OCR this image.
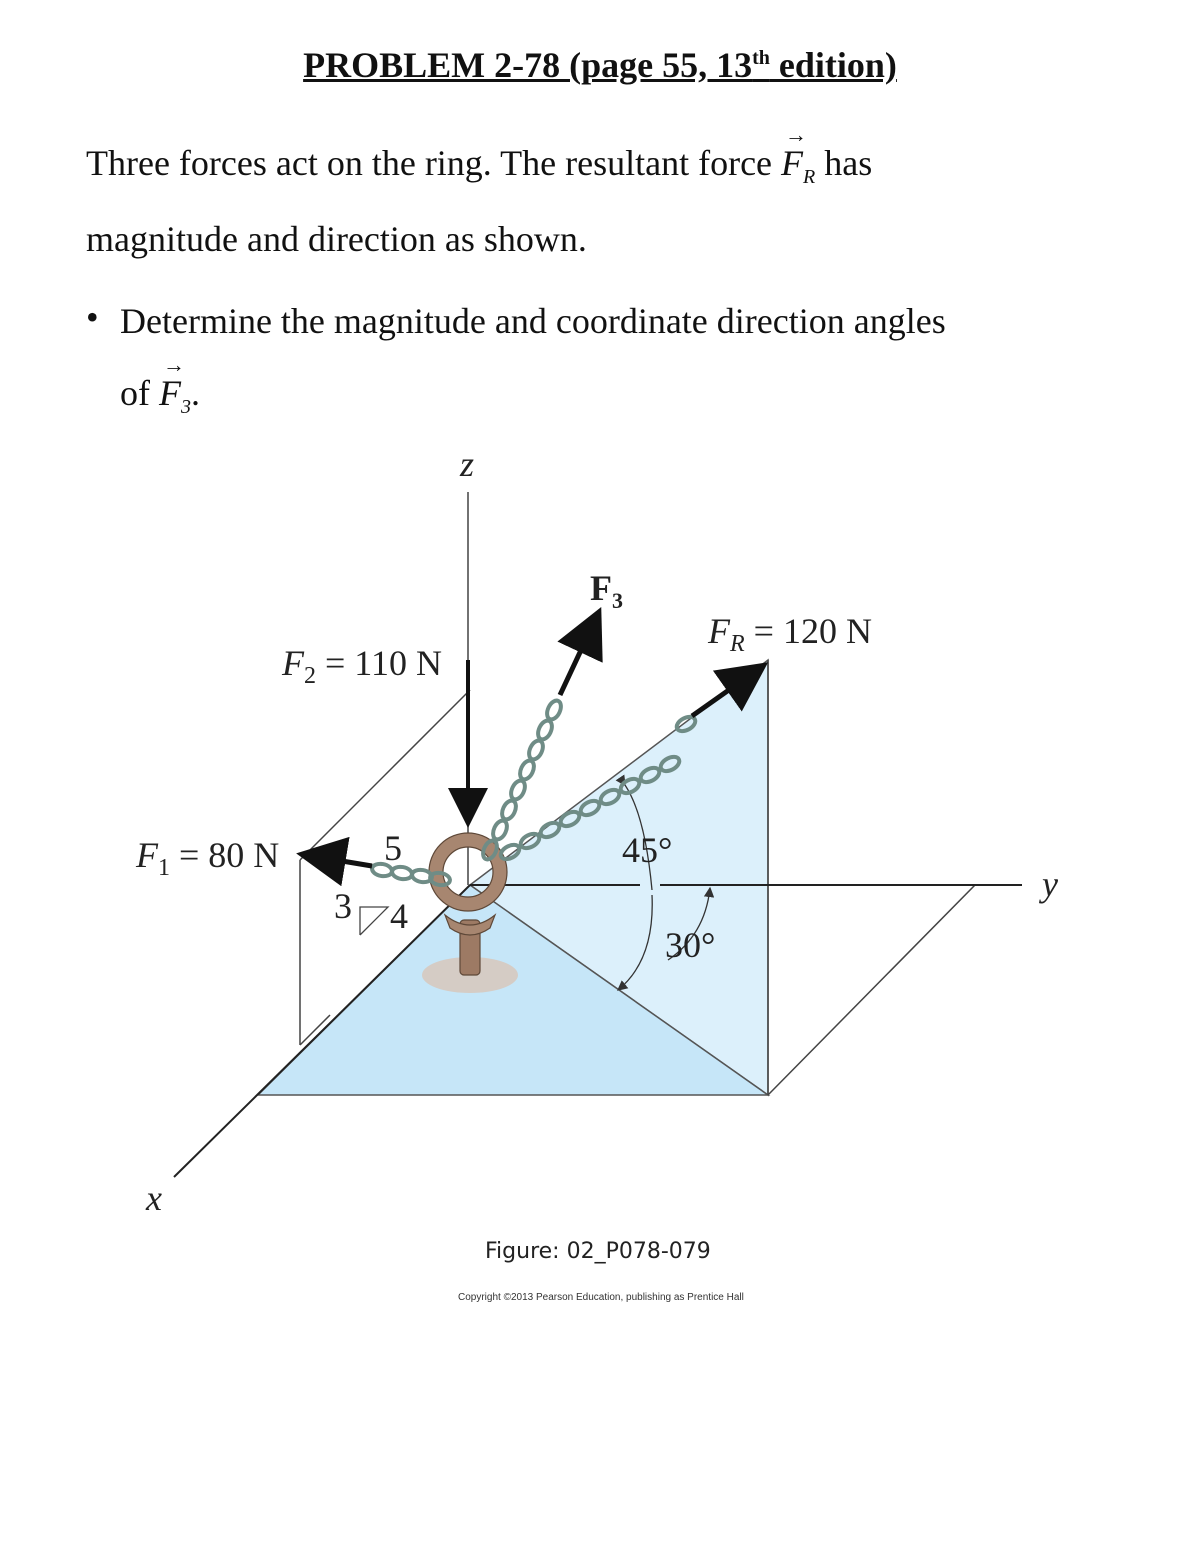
PROBLEM 2-78 (page 55, 13th edition)
Three forces act on the ring. The resultant force
→
$F_R$ has
magnitude and direction as shown.
• Determine the magnitude and coordinate direction angles
of
→
$F_3$.
z
y
x
$F_3$
$F_R = 120$ N
$F_2 = 110$ N
$F_1 = 80$ N	5
3 4
45°
30°
Figure: 02_P078-079
Copyright ©2013 Pearson Education, publishing as Prentice Hall
